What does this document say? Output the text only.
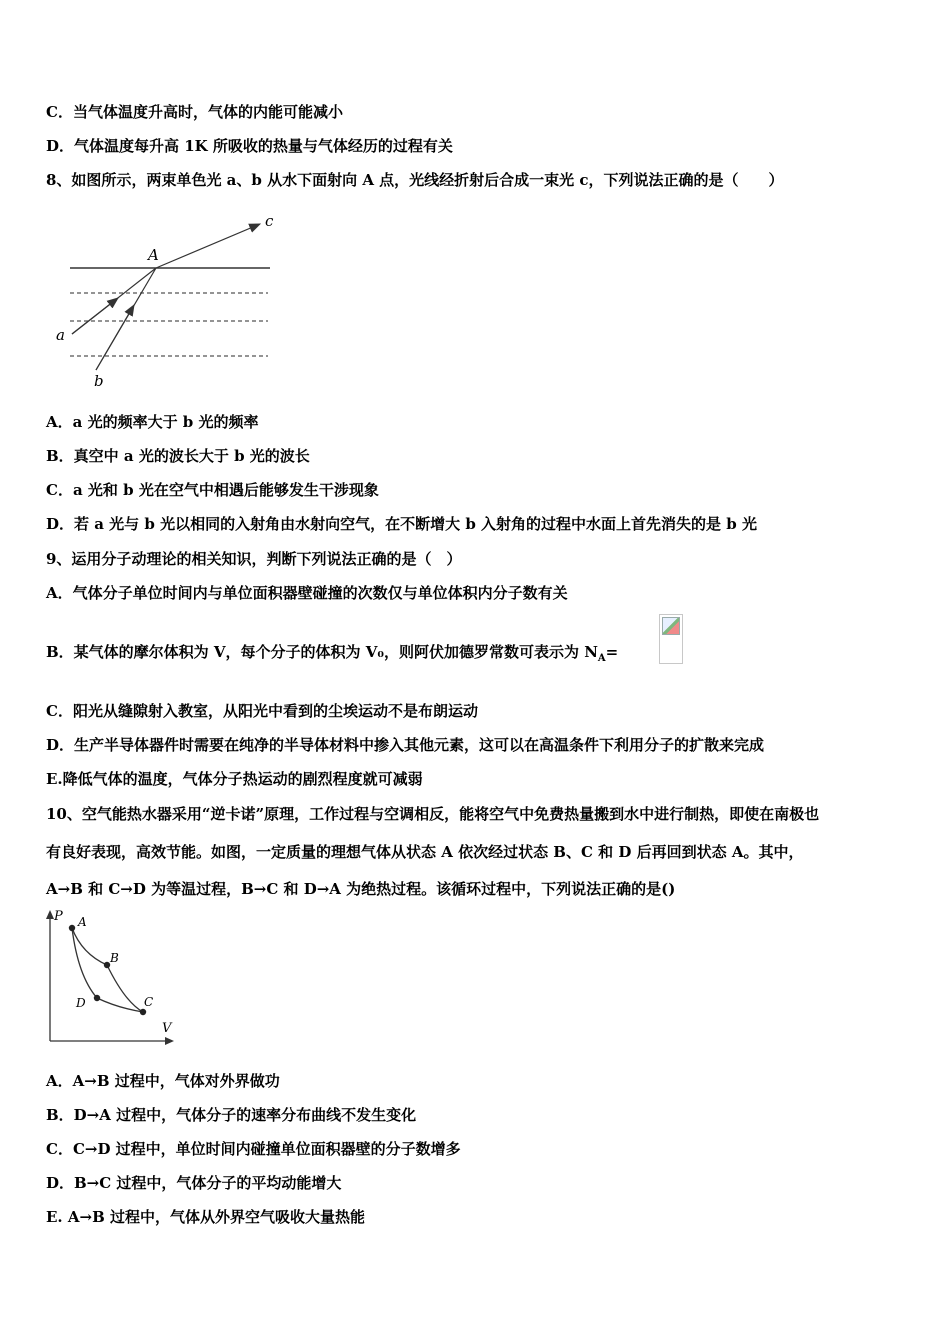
C．当气体温度升高时，气体的内能可能减小
D．气体温度每升高 1K 所吸收的热量与气体经历的过程有关
8、如图所示，两束单色光 a、b 从水下面射向 A 点，光线经折射后合成一束光 c，下列说法正确的是（　　）
A
c
a
b
A．a 光的频率大于 b 光的频率
B．真空中 a 光的波长大于 b 光的波长
C．a 光和 b 光在空气中相遇后能够发生干涉现象
D．若 a 光与 b 光以相同的入射角由水射向空气，在不断增大 b 入射角的过程中水面上首先消失的是 b 光
9、运用分子动理论的相关知识，判断下列说法正确的是（　）
A．气体分子单位时间内与单位面积器壁碰撞的次数仅与单位体积内分子数有关
B．某气体的摩尔体积为 V，每个分子的体积为 V₀，则阿伏加德罗常数可表示为 $N_A=$
C．阳光从缝隙射入教室，从阳光中看到的尘埃运动不是布朗运动
D．生产半导体器件时需要在纯净的半导体材料中掺入其他元素，这可以在高温条件下利用分子的扩散来完成
E.降低气体的温度，气体分子热运动的剧烈程度就可减弱
10、空气能热水器采用“逆卡诺”原理，工作过程与空调相反，能将空气中免费热量搬到水中进行制热，即使在南极也
有良好表现，高效节能。如图，一定质量的理想气体从状态 A 依次经过状态 B、C 和 D 后再回到状态 A。其中，
A→B 和 C→D 为等温过程，B→C 和 D→A 为绝热过程。该循环过程中，下列说法正确的是()
P
V
A
B
C
D
A．A→B 过程中，气体对外界做功
B．D→A 过程中，气体分子的速率分布曲线不发生变化
C．C→D 过程中，单位时间内碰撞单位面积器壁的分子数增多
D．B→C 过程中，气体分子的平均动能增大
E. A→B 过程中，气体从外界空气吸收大量热能
